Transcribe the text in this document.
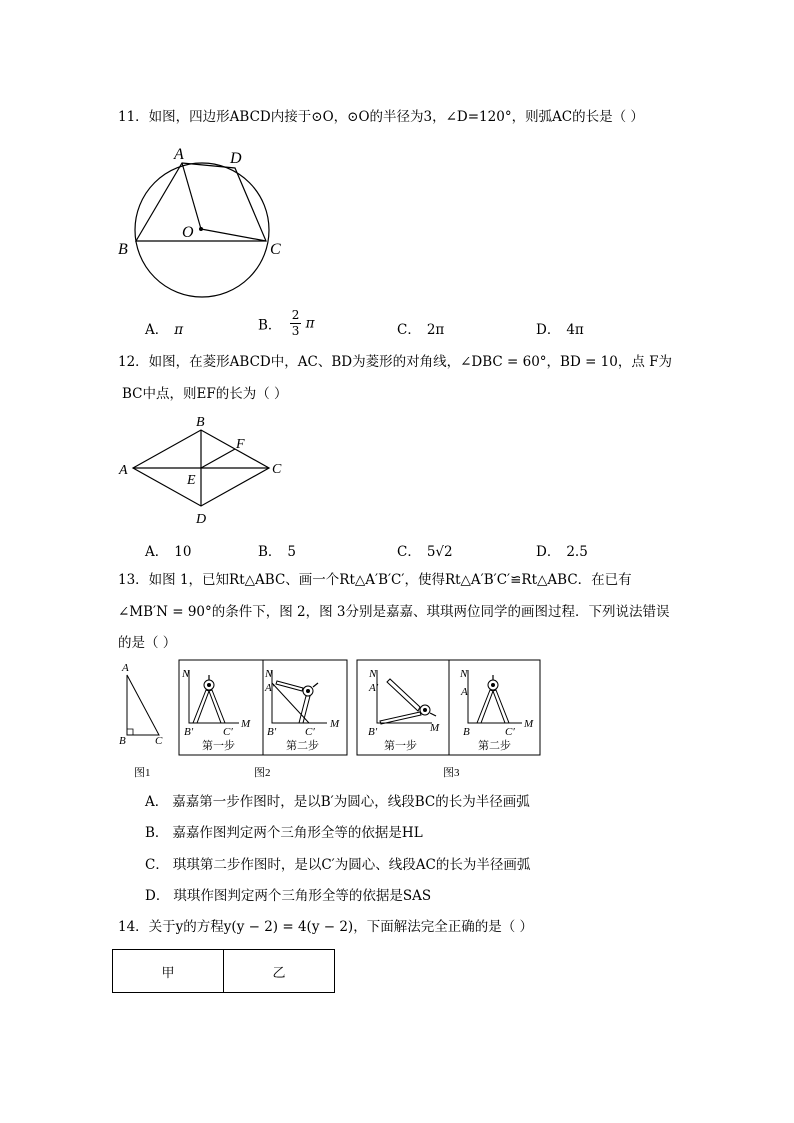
11．如图，四边形ABCD内接于⊙O，⊙O的半径为3，∠D=120°，则弧AC的长是（ ）
A	D
B	C
O
A． π	B． $\frac{2}{3}$ π	C． 2π	D． 4π
12．如图，在菱形ABCD中，AC、BD为菱形的对角线，∠DBC = 60°，BD = 10，点 F为
BC中点，则EF的长为（ ）
A
B
C
D
E
F
A． 10	B． 5	C． 5√2	D． 2.5
13．如图 1，已知Rt△ABC、画一个Rt△A′B′C′，使得Rt△A′B′C′≌Rt△ABC．在已有
∠MB′N = 90°的条件下，图 2，图 3分别是嘉嘉、琪琪两位同学的画图过程．下列说法错误
的是（ ）
A
B	C
N
M
B′	C′
第一步
N
A′
M
B′	C′
第二步
N
A′
M
B′
第一步
N
A
M
B	C′
第二步
图1	图2	图3
A． 嘉嘉第一步作图时，是以B′为圆心，线段BC的长为半径画弧
B． 嘉嘉作图判定两个三角形全等的依据是HL
C． 琪琪第二步作图时，是以C′为圆心、线段AC的长为半径画弧
D． 琪琪作图判定两个三角形全等的依据是SAS
14．关于y的方程y(y − 2) = 4(y − 2)，下面解法完全正确的是（ ）
甲	乙
